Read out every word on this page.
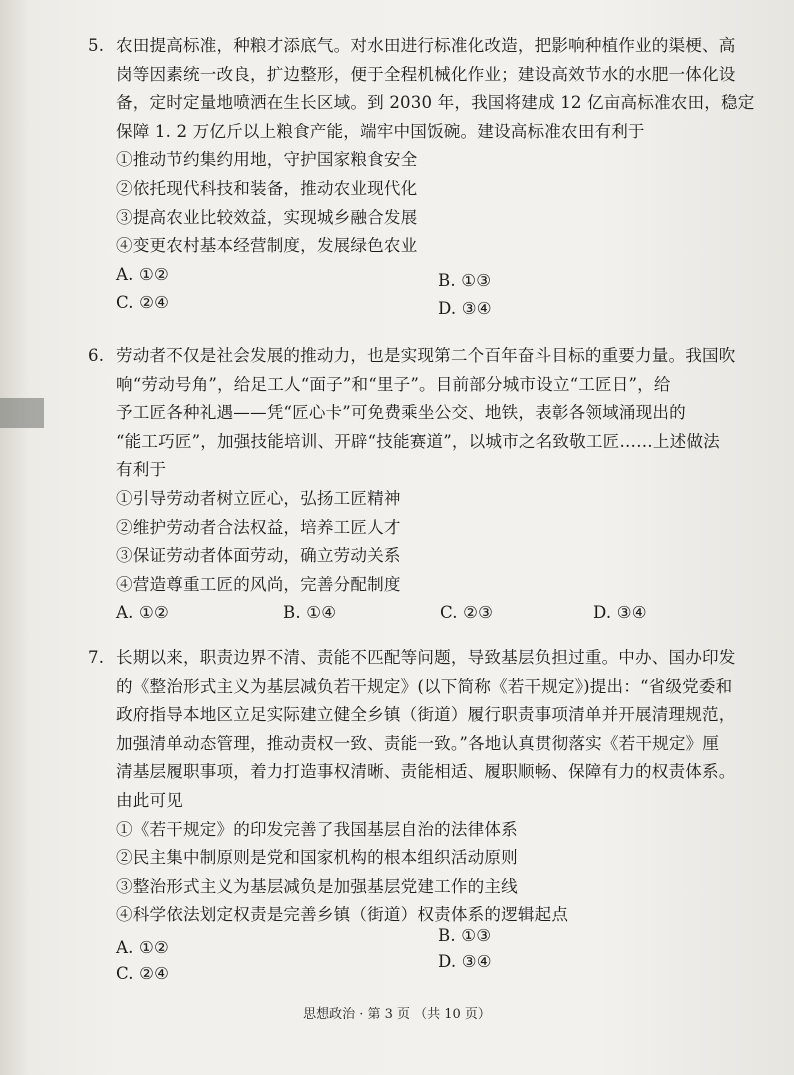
5. 农田提高标准，种粮才添底气。对水田进行标准化改造，把影响种植作业的渠梗、高
岗等因素统一改良，扩边整形，便于全程机械化作业；建设高效节水的水肥一体化设
备，定时定量地喷洒在生长区域。到 2030 年，我国将建成 12 亿亩高标准农田，稳定
保障 1. 2 万亿斤以上粮食产能，端牢中国饭碗。建设高标准农田有利于
①推动节约集约用地，守护国家粮食安全
②依托现代科技和装备，推动农业现代化
③提高农业比较效益，实现城乡融合发展
④变更农村基本经营制度，发展绿色农业
A. ①②	B. ①③
C. ②④	D. ③④
6. 劳动者不仅是社会发展的推动力，也是实现第二个百年奋斗目标的重要力量。我国吹
响“劳动号角”，给足工人“面子”和“里子”。目前部分城市设立“工匠日”，给
予工匠各种礼遇——凭“匠心卡”可免费乘坐公交、地铁，表彰各领域涌现出的
“能工巧匠”，加强技能培训、开辟“技能赛道”，以城市之名致敬工匠……上述做法
有利于
①引导劳动者树立匠心，弘扬工匠精神
②维护劳动者合法权益，培养工匠人才
③保证劳动者体面劳动，确立劳动关系
④营造尊重工匠的风尚，完善分配制度
A. ①②	B. ①④	C. ②③	D. ③④
7. 长期以来，职责边界不清、责能不匹配等问题，导致基层负担过重。中办、国办印发
的《整治形式主义为基层减负若干规定》(以下简称《若干规定》)提出：“省级党委和
政府指导本地区立足实际建立健全乡镇（街道）履行职责事项清单并开展清理规范，
加强清单动态管理，推动责权一致、责能一致。”各地认真贯彻落实《若干规定》厘
清基层履职事项，着力打造事权清晰、责能相适、履职顺畅、保障有力的权责体系。
由此可见
①《若干规定》的印发完善了我国基层自治的法律体系
②民主集中制原则是党和国家机构的根本组织活动原则
③整治形式主义为基层减负是加强基层党建工作的主线
④科学依法划定权责是完善乡镇（街道）权责体系的逻辑起点
A. ①②
B. ①③
C. ②④
D. ③④
思想政治 · 第 3 页 （共 10 页）
